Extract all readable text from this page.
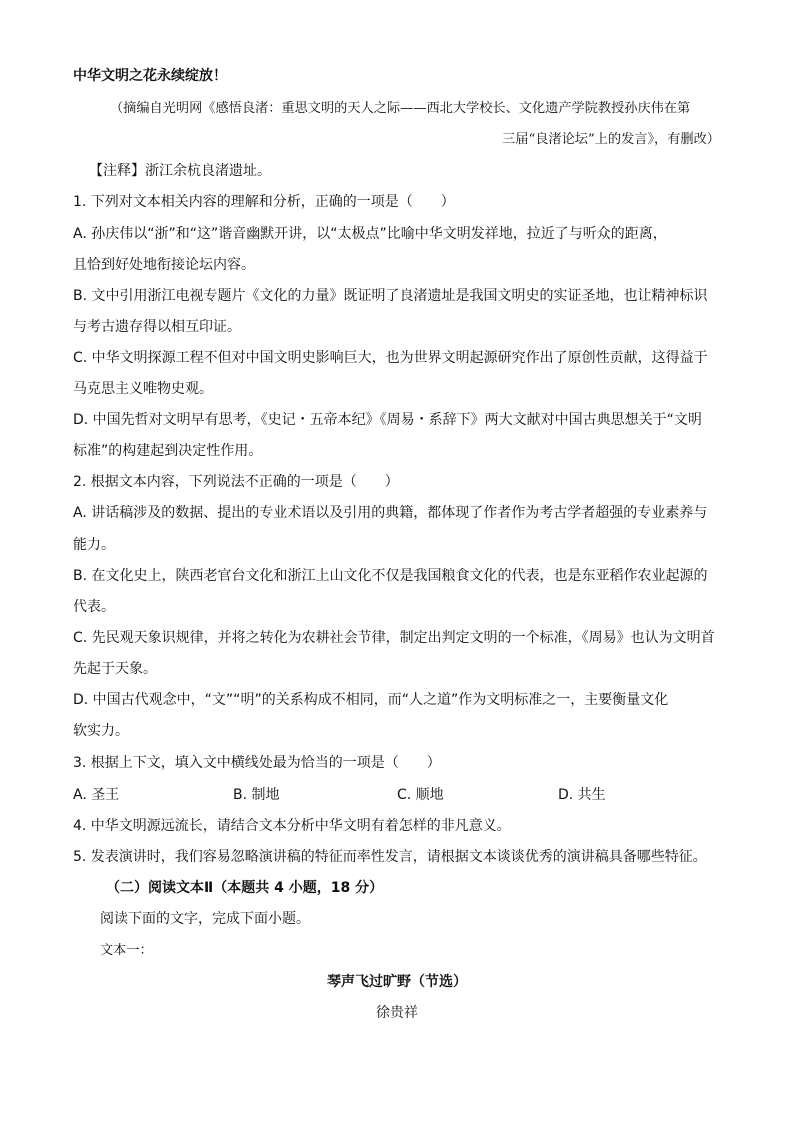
中华文明之花永续绽放！
（摘编自光明网《感悟良渚：重思文明的天人之际——西北大学校长、文化遗产学院教授孙庆伟在第
三届“良渚论坛”上的发言》，有删改）
【注释】浙江余杭良渚遗址。
1. 下列对文本相关内容的理解和分析，正确的一项是（　　）
A. 孙庆伟以“浙”和“这”谐音幽默开讲，以“太极点”比喻中华文明发祥地，拉近了与听众的距离，
且恰到好处地衔接论坛内容。
B. 文中引用浙江电视专题片《文化的力量》既证明了良渚遗址是我国文明史的实证圣地，也让精神标识
与考古遗存得以相互印证。
C. 中华文明探源工程不但对中国文明史影响巨大，也为世界文明起源研究作出了原创性贡献，这得益于
马克思主义唯物史观。
D. 中国先哲对文明早有思考，《史记・五帝本纪》《周易・系辞下》两大文献对中国古典思想关于“文明
标准”的构建起到决定性作用。
2. 根据文本内容，下列说法不正确的一项是（　　）
A. 讲话稿涉及的数据、提出的专业术语以及引用的典籍，都体现了作者作为考古学者超强的专业素养与
能力。
B. 在文化史上，陕西老官台文化和浙江上山文化不仅是我国粮食文化的代表，也是东亚稻作农业起源的
代表。
C. 先民观天象识规律，并将之转化为农耕社会节律，制定出判定文明的一个标准，《周易》也认为文明首
先起于天象。
D. 中国古代观念中，“文”“明”的关系构成不相同，而“人之道”作为文明标准之一，主要衡量文化
软实力。
3. 根据上下文，填入文中横线处最为恰当的一项是（　　）
A. 圣王	B. 制地	C. 顺地	D. 共生
4. 中华文明源远流长，请结合文本分析中华文明有着怎样的非凡意义。
5. 发表演讲时，我们容易忽略演讲稿的特征而率性发言，请根据文本谈谈优秀的演讲稿具备哪些特征。
（二）阅读文本Ⅱ（本题共 4 小题，18 分）
阅读下面的文字，完成下面小题。
文本一：
琴声飞过旷野（节选）
徐贵祥
